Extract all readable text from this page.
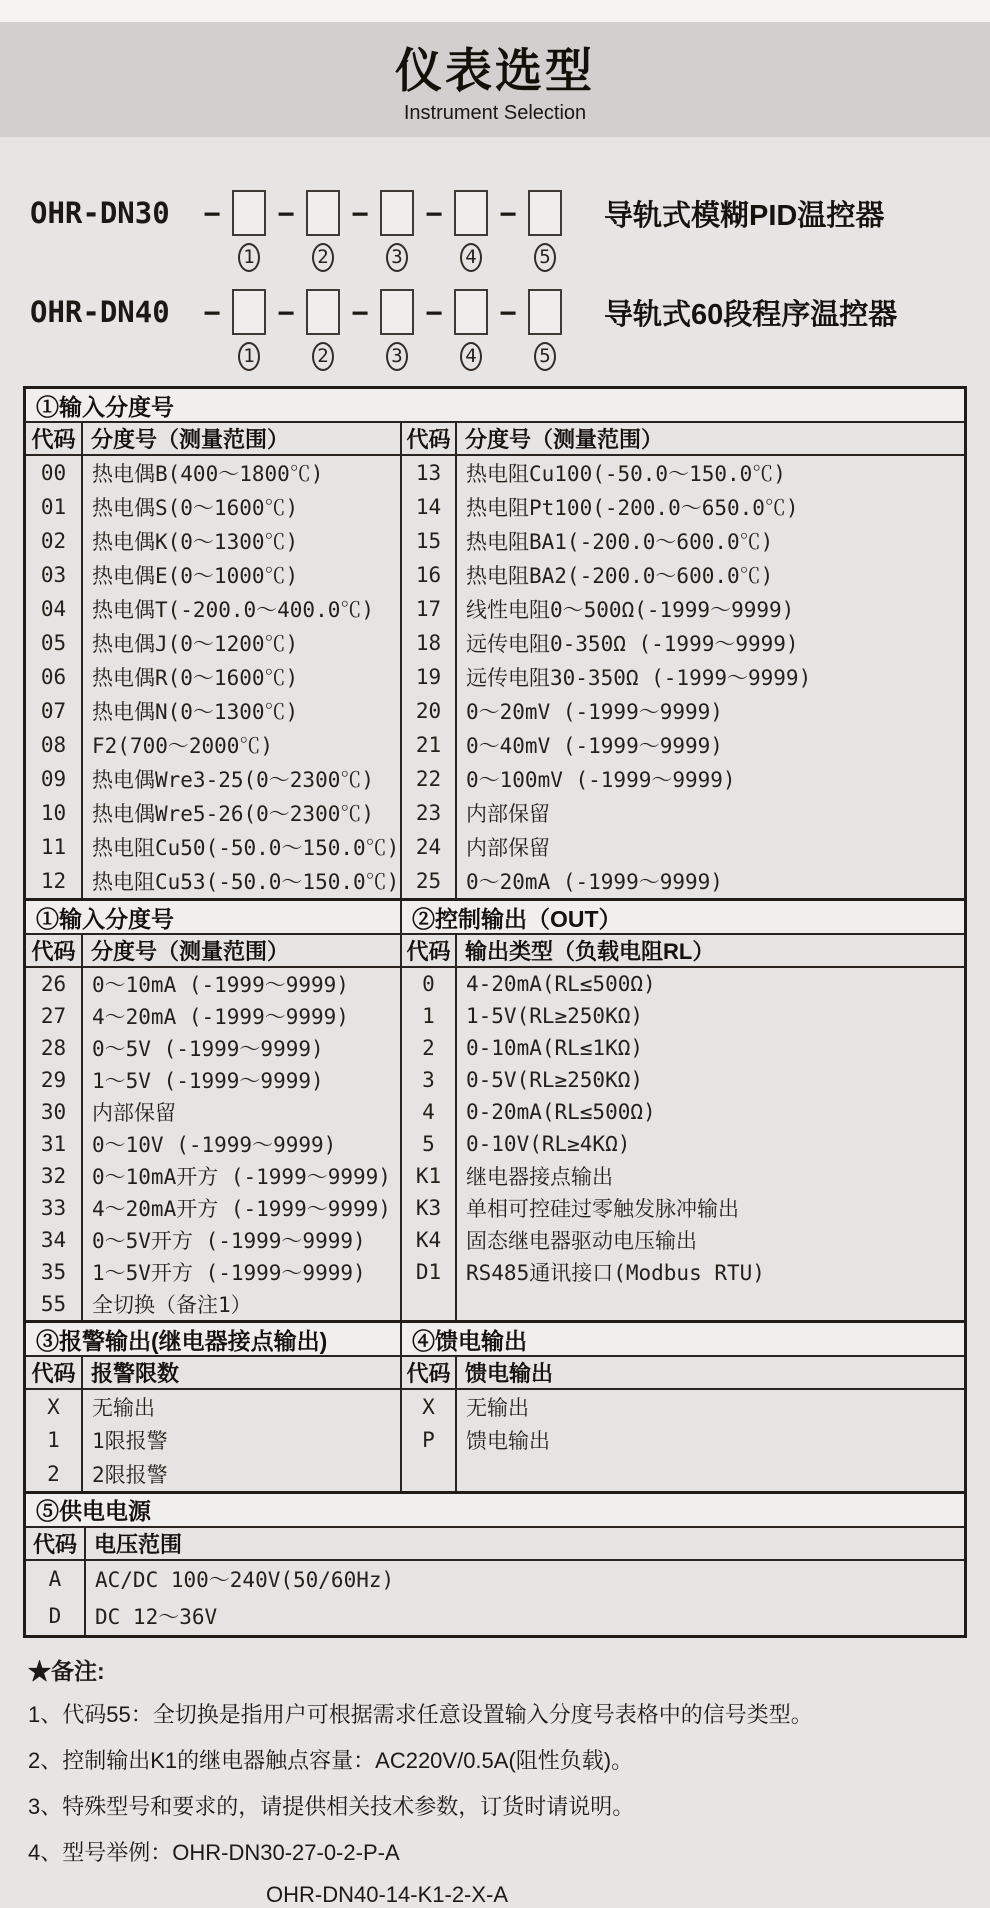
仪表选型
Instrument Selection
OHR-DN30	−	−	−	−	−	导轨式模糊PID温控器
1	2	3	4	5
OHR-DN40	−	−	−	−	−	导轨式60段程序温控器
1	2	3	4	5
①输入分度号
代码 分度号（测量范围）
00	热电偶B(400～1800℃)
01	热电偶S(0～1600℃)
02	热电偶K(0～1300℃)
03	热电偶E(0～1000℃)
04	热电偶T(-200.0～400.0℃)
05	热电偶J(0～1200℃)
06	热电偶R(0～1600℃)
07	热电偶N(0～1300℃)
08	F2(700～2000℃)
09	热电偶Wre3-25(0～2300℃)
10	热电偶Wre5-26(0～2300℃)
11	热电阻Cu50(-50.0～150.0℃)
12	热电阻Cu53(-50.0～150.0℃)
代码 分度号（测量范围）
13	热电阻Cu100(-50.0～150.0℃)
14	热电阻Pt100(-200.0～650.0℃)
15	热电阻BA1(-200.0～600.0℃)
16	热电阻BA2(-200.0～600.0℃)
17	线性电阻0～500Ω(-1999～9999)
18	远传电阻0-350Ω (-1999～9999)
19	远传电阻30-350Ω (-1999～9999)
20	0～20mV (-1999～9999)
21	0～40mV (-1999～9999)
22	0～100mV (-1999～9999)
23	内部保留
24	内部保留
25	0～20mA (-1999～9999)
①输入分度号
代码 分度号（测量范围）
26	0～10mA (-1999～9999)
27	4～20mA (-1999～9999)
28	0～5V (-1999～9999)
29	1～5V (-1999～9999)
30	内部保留
31	0～10V (-1999～9999)
32	0～10mA开方 (-1999～9999)
33	4～20mA开方 (-1999～9999)
34	0～5V开方 (-1999～9999)
35	1～5V开方 (-1999～9999)
55	全切换（备注1）
②控制输出（OUT）
代码 输出类型（负载电阻RL）
0	4-20mA(RL≤500Ω)
1	1-5V(RL≥250KΩ)
2	0-10mA(RL≤1KΩ)
3	0-5V(RL≥250KΩ)
4	0-20mA(RL≤500Ω)
5	0-10V(RL≥4KΩ)
K1	继电器接点输出
K3	单相可控硅过零触发脉冲输出
K4	固态继电器驱动电压输出
D1	RS485通讯接口(Modbus RTU)
③报警输出(继电器接点输出)
代码 报警限数
X	无输出
1	1限报警
2	2限报警
④馈电输出
代码 馈电输出
X	无输出
P	馈电输出
⑤供电电源
代码 电压范围
A	AC/DC 100～240V(50/60Hz)
D	DC 12～36V
★备注:
1、代码55：全切换是指用户可根据需求任意设置输入分度号表格中的信号类型。
2、控制输出K1的继电器触点容量：AC220V/0.5A(阻性负载)。
3、特殊型号和要求的，请提供相关技术参数，订货时请说明。
4、型号举例：OHR-DN30-27-0-2-P-A
OHR-DN40-14-K1-2-X-A
